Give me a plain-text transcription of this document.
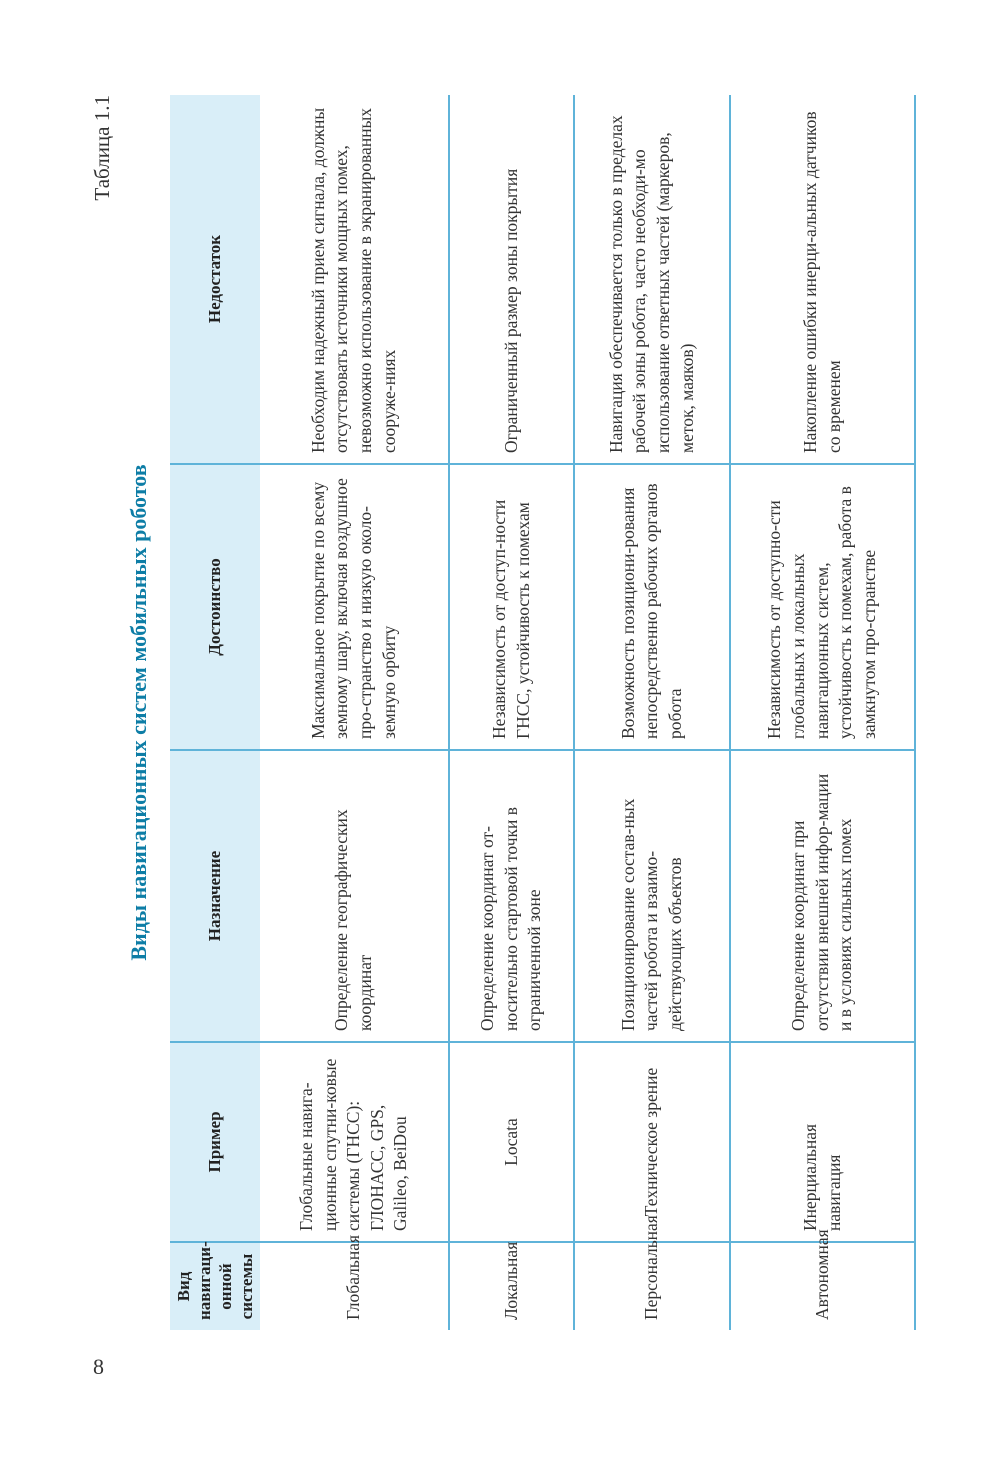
8
Таблица 1.1
Виды навигационных систем мобильных роботов
Вид навигаци-онной системы	Пример	Назначение	Достоинство	Недостаток
Глобальная	Глобальные навига-ционные спутни-ковые системы (ГНСС): ГЛОНАСС, GPS, Galileo, BeiDou	Определение географических координат	Максимальное покрытие по всему земному шару, включая воздушное про-странство и низкую около-земную орбиту	Необходим надежный прием сигнала, должны отсутствовать источники мощных помех, невозможно использование в экранированных сооруже-ниях
Локальная	Locata	Определение координат от-носительно стартовой точки в ограниченной зоне	Независимость от доступ-ности ГНСС, устойчивость к помехам	Ограниченный размер зоны покрытия
Персональная	Техническое зрение	Позиционирование состав-ных частей робота и взаимо-действующих объектов	Возможность позициони-рования непосредственно рабочих органов робота	Навигация обеспечивается только в пределах рабочей зоны робота, часто необходи-мо использование ответных частей (маркеров, меток, маяков)
Автономная	Инерциальная навигация	Определение координат при отсутствии внешней инфор-мации и в условиях сильных помех	Независимость от доступно-сти глобальных и локальных навигационных систем, устойчивость к помехам, работа в замкнутом про-странстве	Накопление ошибки инерци-альных датчиков со временем
